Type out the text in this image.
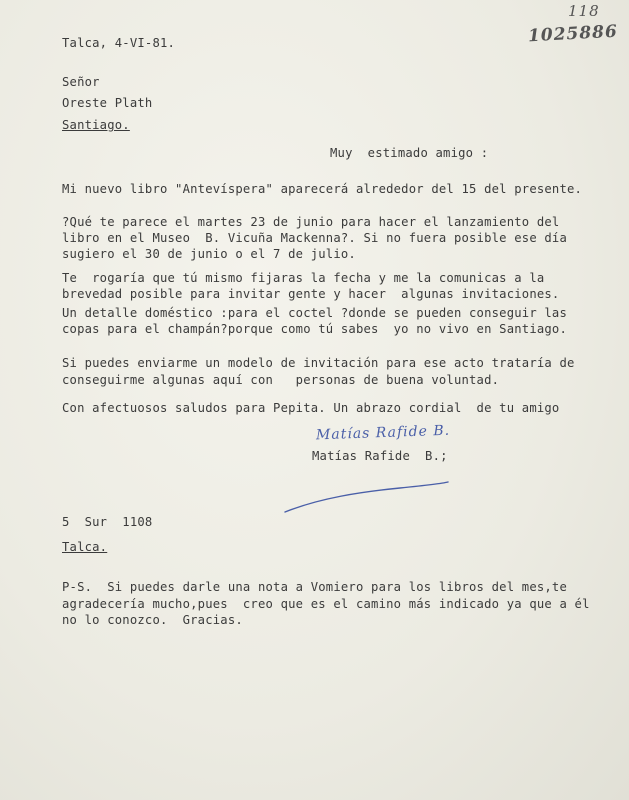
118
1025886
Talca, 4-VI-81.
Señor
Oreste Plath
Santiago.
Muy  estimado amigo :
Mi nuevo libro "Antevíspera" aparecerá alrededor del 15 del presente.
?Qué te parece el martes 23 de junio para hacer el lanzamiento del
libro en el Museo  B. Vicuña Mackenna?. Si no fuera posible ese día
sugiero el 30 de junio o el 7 de julio.
Te  rogaría que tú mismo fijaras la fecha y me la comunicas a la
brevedad posible para invitar gente y hacer  algunas invitaciones.
Un detalle doméstico :para el coctel ?donde se pueden conseguir las
copas para el champán?porque como tú sabes  yo no vivo en Santiago.
Si puedes enviarme un modelo de invitación para ese acto trataría de
conseguirme algunas aquí con   personas de buena voluntad.
Con afectuosos saludos para Pepita. Un abrazo cordial  de tu amigo
Matías Rafide B.
Matías Rafide  B.;
5  Sur  1108
Talca.
P-S.  Si puedes darle una nota a Vomiero para los libros del mes,te
agradecería mucho,pues  creo que es el camino más indicado ya que a él
no lo conozco.  Gracias.
